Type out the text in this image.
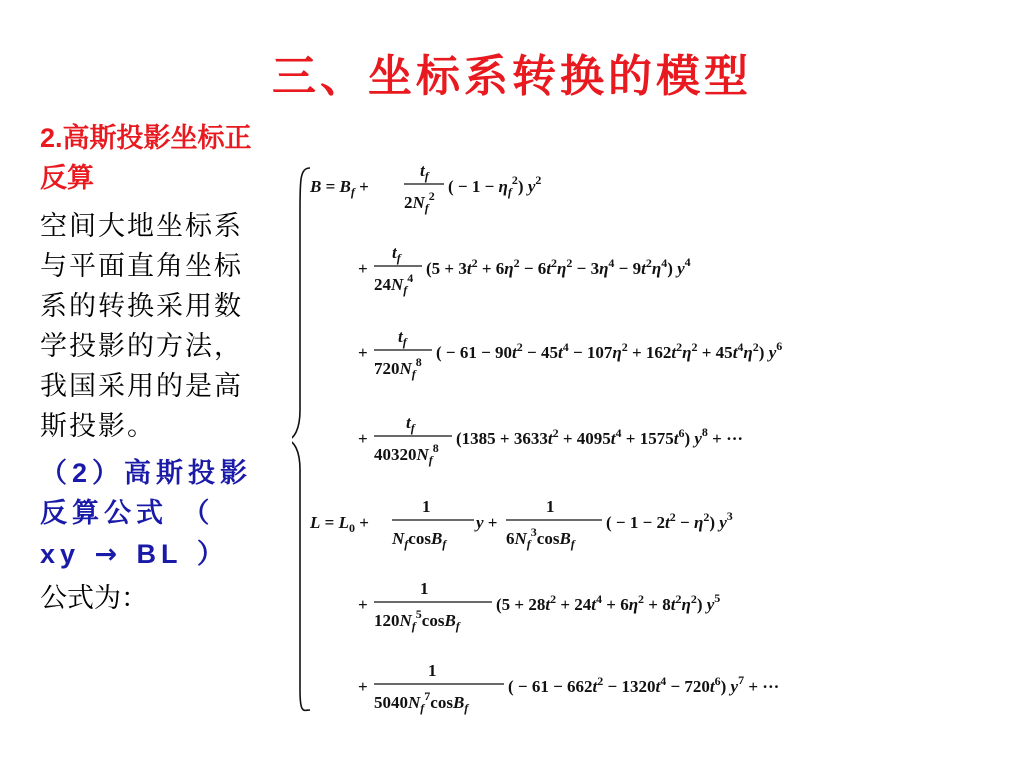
三、坐标系转换的模型
2.高斯投影坐标正反算
空间大地坐标系与平面直角坐标系的转换采用数学投影的方法，我国采用的是高斯投影。
（2）高斯投影反算公式 （ xy → BL ）
公式为：
$B = B_f$ +
$t_f$
$2N_f^2$ ( − $1 - \eta_f^2$) $y^2$
+
$t_f$
$24N_f^4$ $(5 + 3t^2 + 6\eta^2 - 6t^2\eta^2 - 3\eta^4 - 9t^2\eta^4)$ $y^4$
+
$t_f$
$720N_f^8$ ( − $61 - 90t^2 - 45t^4 - 107\eta^2 + 162t^2\eta^2 + 45t^4\eta^2$) $y^6$
+
$t_f$
$40320N_f^8$ $(1385 + 3633t^2 + 4095t^4 + 1575t^6)$ $y^8$ + ···
$L = L_0$ +
1
$N_f\cos B_f$
y +
1
$6N_f^3\cos B_f$
( − $1 - 2t^2 - \eta^2$) $y^3$
+
1
$120N_f^5\cos B_f$
$(5 + 28t^2 + 24t^4 + 6\eta^2 + 8t^2\eta^2)$ $y^5$
+
1
$5040N_f^7\cos B_f$
( − $61 - 662t^2 - 1320t^4 - 720t^6$) $y^7$ + ···
